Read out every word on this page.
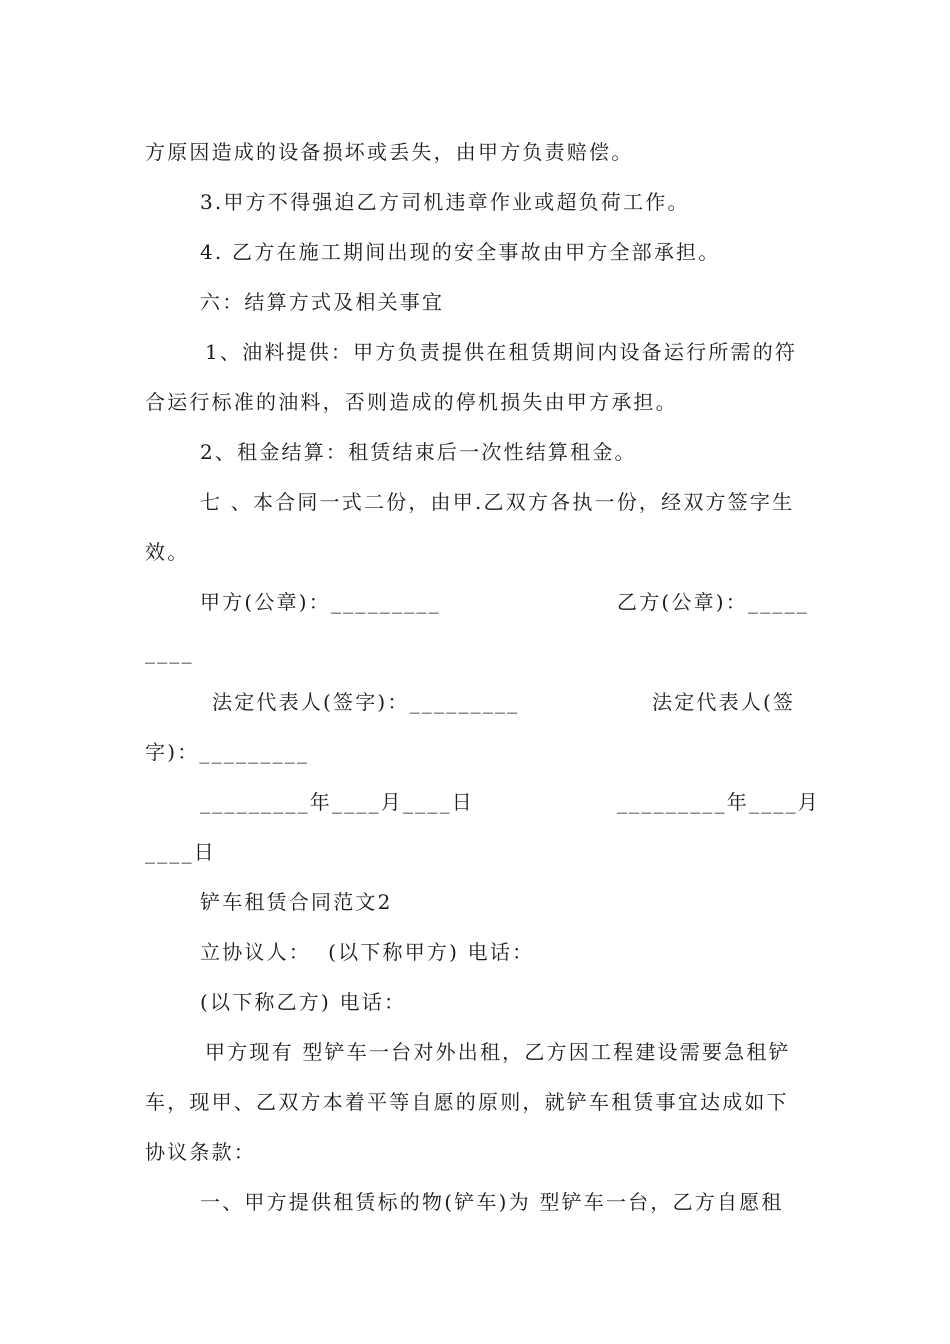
方原因造成的设备损坏或丢失，由甲方负责赔偿。
3.甲方不得强迫乙方司机违章作业或超负荷工作。
4. 乙方在施工期间出现的安全事故由甲方全部承担。
六：结算方式及相关事宜
1、油料提供：甲方负责提供在租赁期间内设备运行所需的符
合运行标准的油料，否则造成的停机损失由甲方承担。
2、租金结算：租赁结束后一次性结算租金。
七 、本合同一式二份，由甲.乙双方各执一份，经双方签字生
效。
甲方(公章)：_________	乙方(公章)：_____
____
法定代表人(签字)：_________	法定代表人(签
字)：_________
_________年____月____日	_________年____月
____日
铲车租赁合同范文2
立协议人：  (以下称甲方) 电话：
(以下称乙方) 电话：
甲方现有 型铲车一台对外出租，乙方因工程建设需要急租铲
车，现甲、乙双方本着平等自愿的原则，就铲车租赁事宜达成如下
协议条款：
一、甲方提供租赁标的物(铲车)为 型铲车一台，乙方自愿租
